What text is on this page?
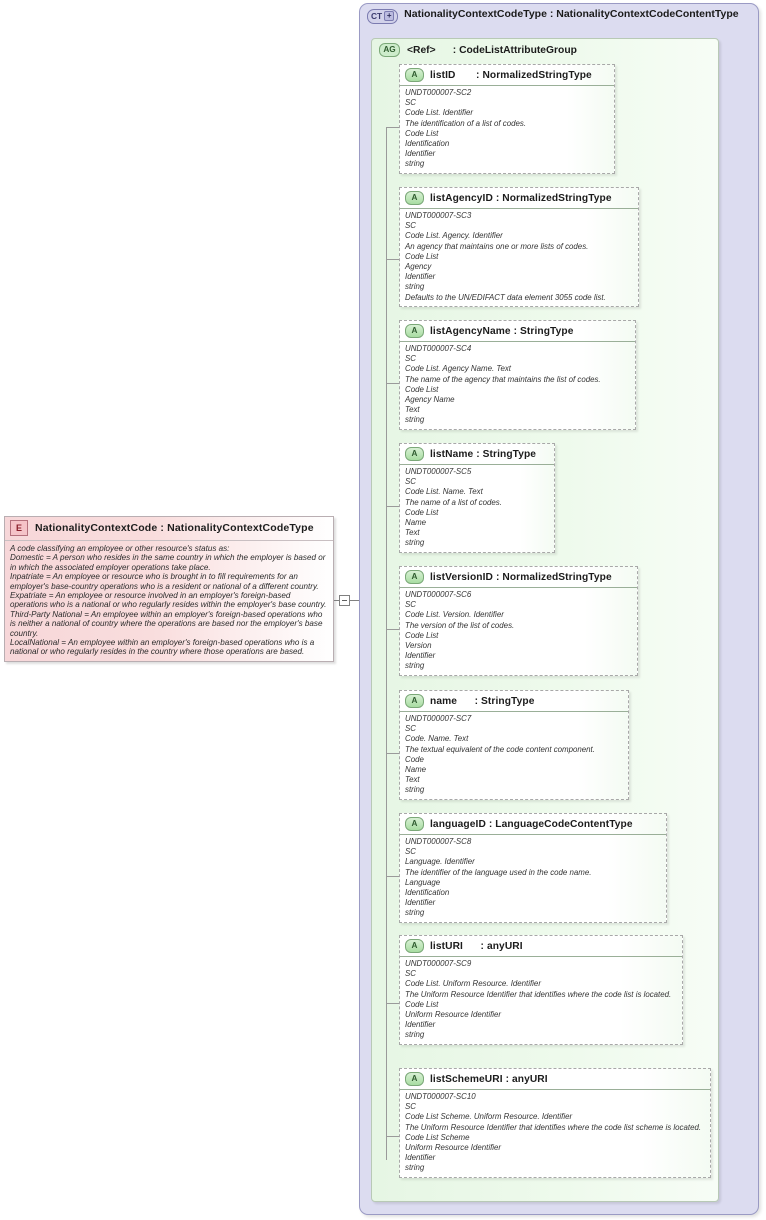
E	NationalityContextCode : NationalityContextCodeType
A code classifying an employee or other resource's status as:
Domestic = A person who resides in the same country in which the employer is based or in which the associated employer operations take place.
Inpatriate = An employee or resource who is brought in to fill requirements for an employer's base-country operations who is a resident or national of a different country.
Expatriate = An employee or resource involved in an employer's foreign-based operations who is a national or who regularly resides within the employer's base country.
Third-Party National = An employee within an employer's foreign-based operations who is neither a national of country where the operations are based nor the employer's base country.
LocalNational = An employee within an employer's foreign-based operations who is a national or who regularly resides in the country where those operations are based.
CT +	NationalityContextCodeType : NationalityContextCodeContentType
AG	<Ref>      : CodeListAttributeGroup
A	listID       : NormalizedStringType
UNDT000007-SC2
SC
Code List. Identifier
The identification of a list of codes.
Code List
Identification
Identifier
string
A	listAgencyID : NormalizedStringType
UNDT000007-SC3
SC
Code List. Agency. Identifier
An agency that maintains one or more lists of codes.
Code List
Agency
Identifier
string
Defaults to the UN/EDIFACT data element 3055 code list.
A	listAgencyName : StringType
UNDT000007-SC4
SC
Code List. Agency Name. Text
The name of the agency that maintains the list of codes.
Code List
Agency Name
Text
string
A	listName : StringType
UNDT000007-SC5
SC
Code List. Name. Text
The name of a list of codes.
Code List
Name
Text
string
A	listVersionID : NormalizedStringType
UNDT000007-SC6
SC
Code List. Version. Identifier
The version of the list of codes.
Code List
Version
Identifier
string
A	name      : StringType
UNDT000007-SC7
SC
Code. Name. Text
The textual equivalent of the code content component.
Code
Name
Text
string
A	languageID : LanguageCodeContentType
UNDT000007-SC8
SC
Language. Identifier
The identifier of the language used in the code name.
Language
Identification
Identifier
string
A	listURI      : anyURI
UNDT000007-SC9
SC
Code List. Uniform Resource. Identifier
The Uniform Resource Identifier that identifies where the code list is located.
Code List
Uniform Resource Identifier
Identifier
string
A	listSchemeURI : anyURI
UNDT000007-SC10
SC
Code List Scheme. Uniform Resource. Identifier
The Uniform Resource Identifier that identifies where the code list scheme is located.
Code List Scheme
Uniform Resource Identifier
Identifier
string
